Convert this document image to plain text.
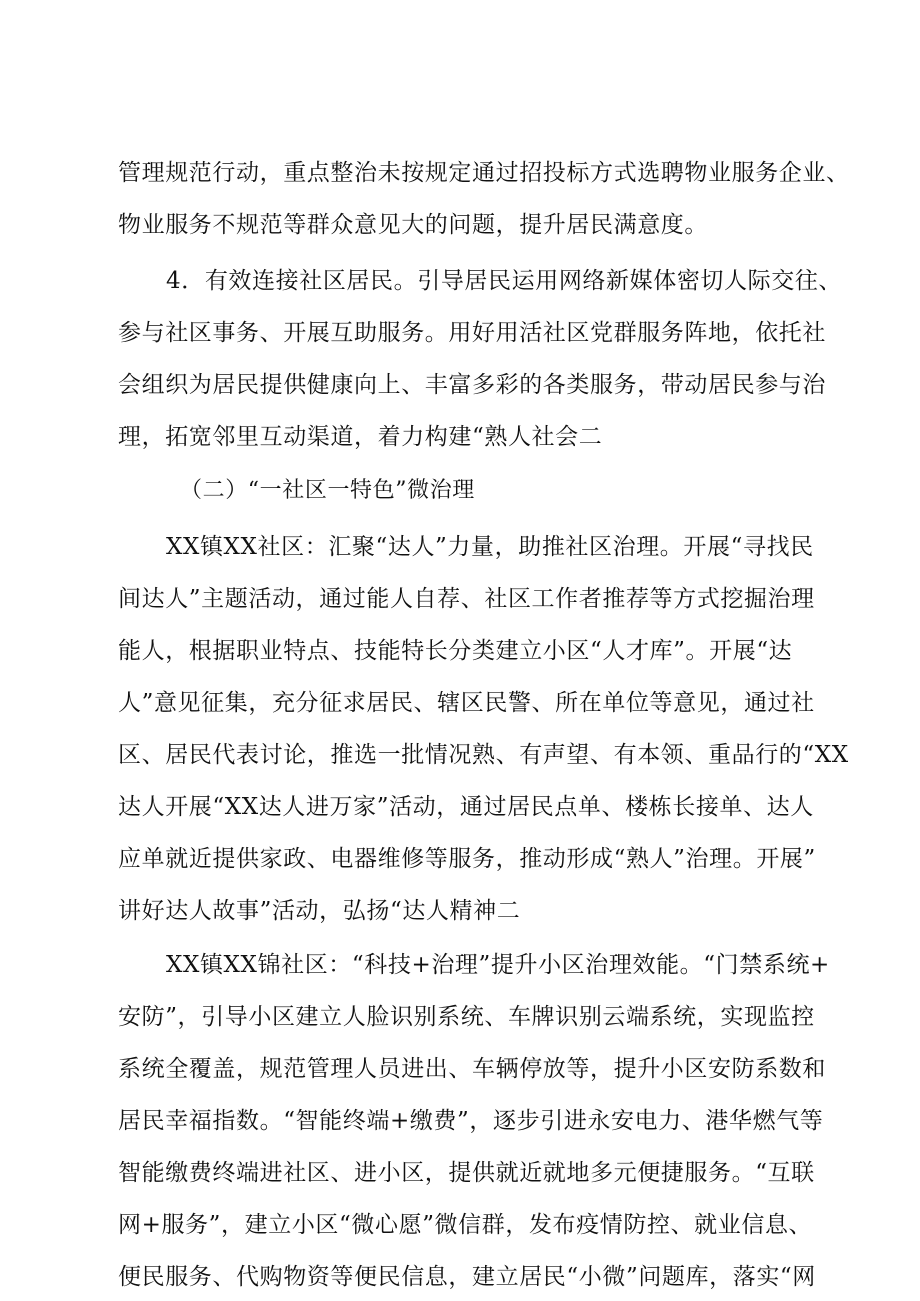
管理规范行动，重点整治未按规定通过招投标方式选聘物业服务企业、
物业服务不规范等群众意见大的问题，提升居民满意度。
4．有效连接社区居民。引导居民运用网络新媒体密切人际交往、
参与社区事务、开展互助服务。用好用活社区党群服务阵地，依托社
会组织为居民提供健康向上、丰富多彩的各类服务，带动居民参与治
理，拓宽邻里互动渠道，着力构建“熟人社会二
（二）“一社区一特色”微治理
XX镇XX社区：汇聚“达人”力量，助推社区治理。开展“寻找民
间达人”主题活动，通过能人自荐、社区工作者推荐等方式挖掘治理
能人，根据职业特点、技能特长分类建立小区“人才库”。开展“达
人”意见征集，充分征求居民、辖区民警、所在单位等意见，通过社
区、居民代表讨论，推选一批情况熟、有声望、有本领、重品行的“XX
达人开展“XX达人进万家”活动，通过居民点单、楼栋长接单、达人
应单就近提供家政、电器维修等服务，推动形成“熟人”治理。开展”
讲好达人故事”活动，弘扬“达人精神二
XX镇XX锦社区：“科技+治理”提升小区治理效能。“门禁系统+
安防”，引导小区建立人脸识别系统、车牌识别云端系统，实现监控
系统全覆盖，规范管理人员进出、车辆停放等，提升小区安防系数和
居民幸福指数。“智能终端+缴费”，逐步引进永安电力、港华燃气等
智能缴费终端进社区、进小区，提供就近就地多元便捷服务。“互联
网+服务”，建立小区“微心愿”微信群，发布疫情防控、就业信息、
便民服务、代购物资等便民信息，建立居民“小微”问题库，落实“网
